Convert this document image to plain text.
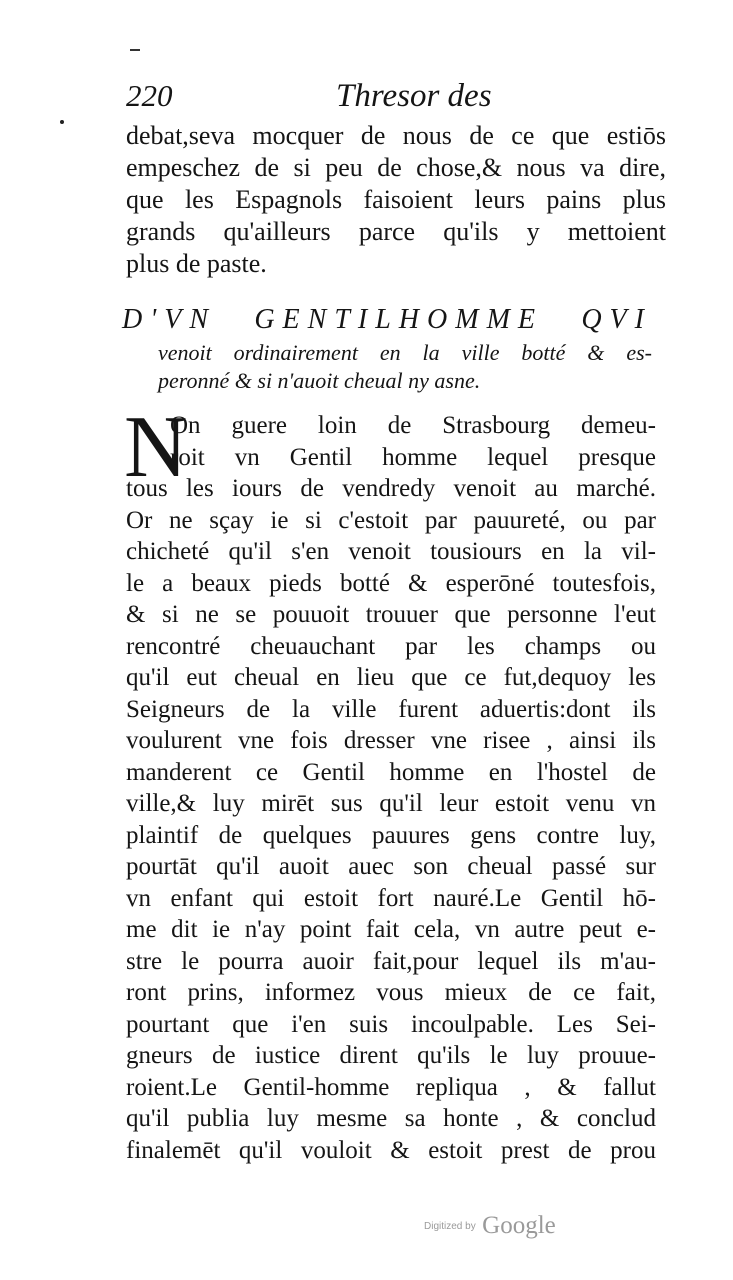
220	Thresor des
debat,seva mocquer de nous de ce que estiōs
empeschez de si peu de chose,& nous va dire,
que les Espagnols faisoient leurs pains plus
grands qu'ailleurs parce qu'ils y mettoient
plus de paste.
D'VN GENTILHOMME QVI
venoit ordinairement en la ville botté & es-
peronné & si n'auoit cheual ny asne.
N
On guere loin de Strasbourg demeu-
roit vn Gentil homme lequel presque
tous les iours de vendredy venoit au marché.
Or ne sçay ie si c'estoit par pauureté, ou par
chicheté qu'il s'en venoit tousiours en la vil-
le a beaux pieds botté & esperōné toutesfois,
& si ne se pouuoit trouuer que personne l'eut
rencontré cheuauchant par les champs ou
qu'il eut cheual en lieu que ce fut,dequoy les
Seigneurs de la ville furent aduertis:dont ils
voulurent vne fois dresser vne risee , ainsi ils
manderent ce Gentil homme en l'hostel de
ville,& luy mirēt sus qu'il leur estoit venu vn
plaintif de quelques pauures gens contre luy,
pourtāt qu'il auoit auec son cheual passé sur
vn enfant qui estoit fort nauré.Le Gentil hō-
me dit ie n'ay point fait cela, vn autre peut e-
stre le pourra auoir fait,pour lequel ils m'au-
ront prins, informez vous mieux de ce fait,
pourtant que i'en suis incoulpable. Les Sei-
gneurs de iustice dirent qu'ils le luy prouue-
roient.Le Gentil-homme repliqua , & fallut
qu'il publia luy mesme sa honte , & conclud
finalemēt qu'il vouloit & estoit prest de prou
Digitized by Google
